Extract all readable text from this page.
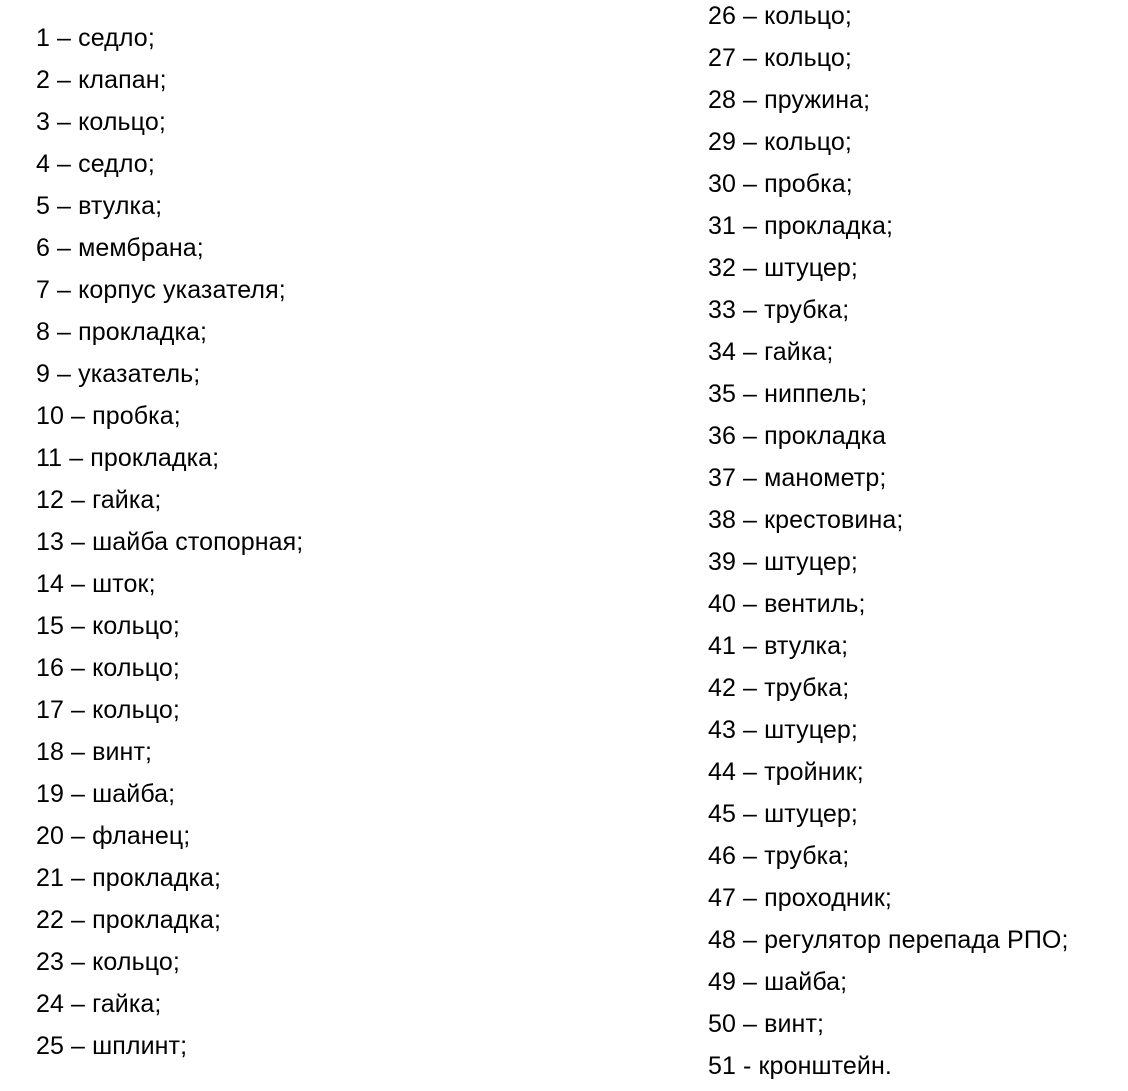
1 – седло;
2 – клапан;
3 – кольцо;
4 – седло;
5 – втулка;
6 – мембрана;
7 – корпус указателя;
8 – прокладка;
9 – указатель;
10 – пробка;
11 – прокладка;
12 – гайка;
13 – шайба стопорная;
14 – шток;
15 – кольцо;
16 – кольцо;
17 – кольцо;
18 – винт;
19 – шайба;
20 – фланец;
21 – прокладка;
22 – прокладка;
23 – кольцо;
24 – гайка;
25 – шплинт;
26 – кольцо;
27 – кольцо;
28 – пружина;
29 – кольцо;
30 – пробка;
31 – прокладка;
32 – штуцер;
33 – трубка;
34 – гайка;
35 – ниппель;
36 – прокладка
37 – манометр;
38 – крестовина;
39 – штуцер;
40 – вентиль;
41 – втулка;
42 – трубка;
43 – штуцер;
44 – тройник;
45 – штуцер;
46 – трубка;
47 – проходник;
48 – регулятор перепада РПО;
49 – шайба;
50 – винт;
51 - кронштейн.
